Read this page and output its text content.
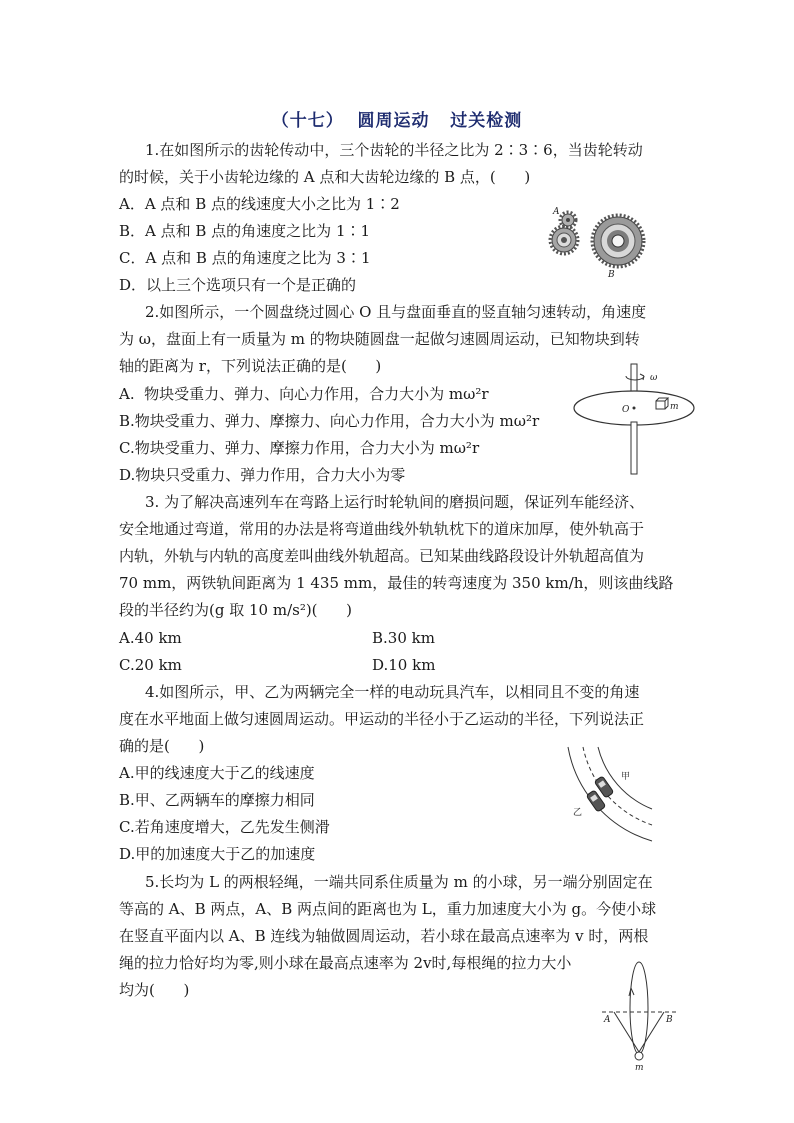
（十七）  圆周运动   过关检测
1.在如图所示的齿轮传动中，三个齿轮的半径之比为 2∶3∶6，当齿轮转动
的时候，关于小齿轮边缘的 A 点和大齿轮边缘的 B 点，(      )
A．A 点和 B 点的线速度大小之比为 1∶2
B．A 点和 B 点的角速度之比为 1∶1
C．A 点和 B 点的角速度之比为 3∶1
D．以上三个选项只有一个是正确的
A
B
2.如图所示，一个圆盘绕过圆心 O 且与盘面垂直的竖直轴匀速转动，角速度
为 ω，盘面上有一质量为 m 的物块随圆盘一起做匀速圆周运动，已知物块到转
轴的距离为 r，下列说法正确的是(      )
A.  物块受重力、弹力、向心力作用，合力大小为 mω²r
B.物块受重力、弹力、摩擦力、向心力作用，合力大小为 mω²r
C.物块受重力、弹力、摩擦力作用，合力大小为 mω²r
D.物块只受重力、弹力作用，合力大小为零
ω
O	m
3. 为了解决高速列车在弯路上运行时轮轨间的磨损问题，保证列车能经济、
安全地通过弯道，常用的办法是将弯道曲线外轨轨枕下的道床加厚，使外轨高于
内轨，外轨与内轨的高度差叫曲线外轨超高。已知某曲线路段设计外轨超高值为
70 mm，两铁轨间距离为 1 435 mm，最佳的转弯速度为 350 km/h，则该曲线路
段的半径约为(g 取 10 m/s²)(      )
A.40 km	B.30 km
C.20 km	D.10 km
4.如图所示，甲、乙为两辆完全一样的电动玩具汽车，以相同且不变的角速
度在水平地面上做匀速圆周运动。甲运动的半径小于乙运动的半径，下列说法正
确的是(      )
A.甲的线速度大于乙的线速度
B.甲、乙两辆车的摩擦力相同
C.若角速度增大，乙先发生侧滑
D.甲的加速度大于乙的加速度
甲
乙
5.长均为 L 的两根轻绳，一端共同系住质量为 m 的小球，另一端分别固定在
等高的 A、B 两点，A、B 两点间的距离也为 L，重力加速度大小为 g。今使小球
在竖直平面内以 A、B 连线为轴做圆周运动，若小球在最高点速率为 v 时，两根
绳的拉力恰好均为零,则小球在最高点速率为 2v时,每根绳的拉力大小
均为(      )
A	B
m
